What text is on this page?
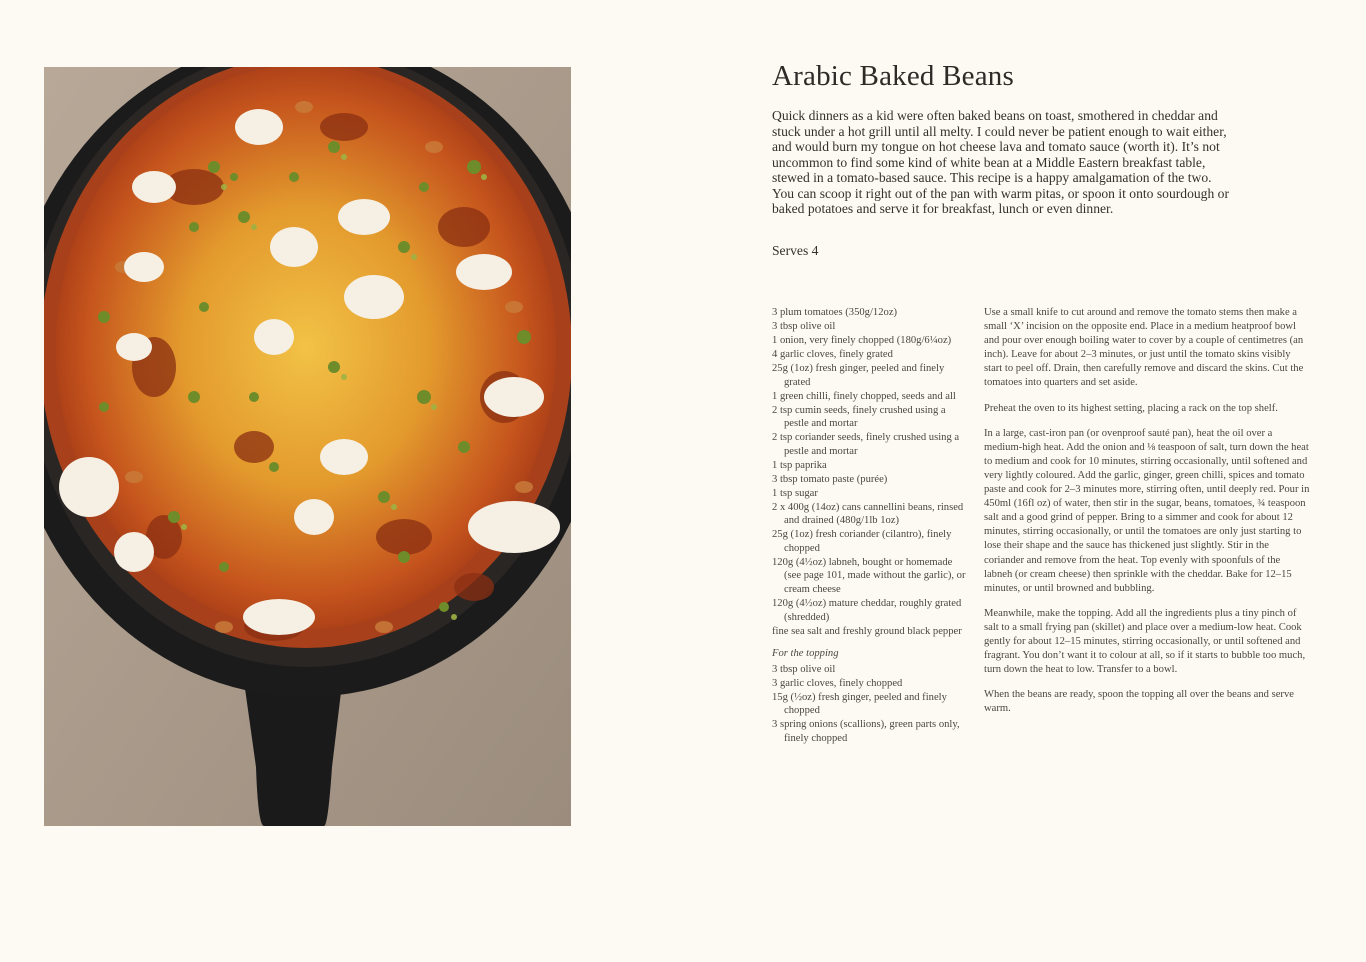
Arabic Baked Beans

Quick dinners as a kid were often baked beans on toast, smothered in cheddar and stuck under a hot grill until all melty. I could never be patient enough to wait either, and would burn my tongue on hot cheese lava and tomato sauce (worth it). It’s not uncommon to find some kind of white bean at a Middle Eastern breakfast table, stewed in a tomato-based sauce. This recipe is a happy amalgamation of the two. You can scoop it right out of the pan with warm pitas, or spoon it onto sourdough or baked potatoes and serve it for breakfast, lunch or even dinner.

Serves 4

3 plum tomatoes (350g/12oz)
3 tbsp olive oil
1 onion, very finely chopped (180g/6¼oz)
4 garlic cloves, finely grated
25g (1oz) fresh ginger, peeled and finely grated
1 green chilli, finely chopped, seeds and all
2 tsp cumin seeds, finely crushed using a pestle and mortar
2 tsp coriander seeds, finely crushed using a pestle and mortar
1 tsp paprika
3 tbsp tomato paste (purée)
1 tsp sugar
2 x 400g (14oz) cans cannellini beans, rinsed and drained (480g/1lb 1oz)
25g (1oz) fresh coriander (cilantro), finely chopped
120g (4½oz) labneh, bought or homemade (see page 101, made without the garlic), or cream cheese
120g (4½oz) mature cheddar, roughly grated (shredded)
fine sea salt and freshly ground black pepper
For the topping
3 tbsp olive oil
3 garlic cloves, finely chopped
15g (½oz) fresh ginger, peeled and finely chopped
3 spring onions (scallions), green parts only, finely chopped

Use a small knife to cut around and remove the tomato stems then make a small ‘X’ incision on the opposite end. Place in a medium heatproof bowl and pour over enough boiling water to cover by a couple of centimetres (an inch). Leave for about 2–3 minutes, or just until the tomato skins visibly start to peel off. Drain, then carefully remove and discard the skins. Cut the tomatoes into quarters and set aside.

Preheat the oven to its highest setting, placing a rack on the top shelf.

In a large, cast-iron pan (or ovenproof sauté pan), heat the oil over a medium-high heat. Add the onion and ⅛ teaspoon of salt, turn down the heat to medium and cook for 10 minutes, stirring occasionally, until softened and very lightly coloured. Add the garlic, ginger, green chilli, spices and tomato paste and cook for 2–3 minutes more, stirring often, until deeply red. Pour in 450ml (16fl oz) of water, then stir in the sugar, beans, tomatoes, ¾ teaspoon salt and a good grind of pepper. Bring to a simmer and cook for about 12 minutes, stirring occasionally, or until the tomatoes are only just starting to lose their shape and the sauce has thickened just slightly. Stir in the coriander and remove from the heat. Top evenly with spoonfuls of the labneh (or cream cheese) then sprinkle with the cheddar. Bake for 12–15 minutes, or until browned and bubbling.

Meanwhile, make the topping. Add all the ingredients plus a tiny pinch of salt to a small frying pan (skillet) and place over a medium-low heat. Cook gently for about 12–15 minutes, stirring occasionally, or until softened and fragrant. You don’t want it to colour at all, so if it starts to bubble too much, turn down the heat to low. Transfer to a bowl.

When the beans are ready, spoon the topping all over the beans and serve warm.
